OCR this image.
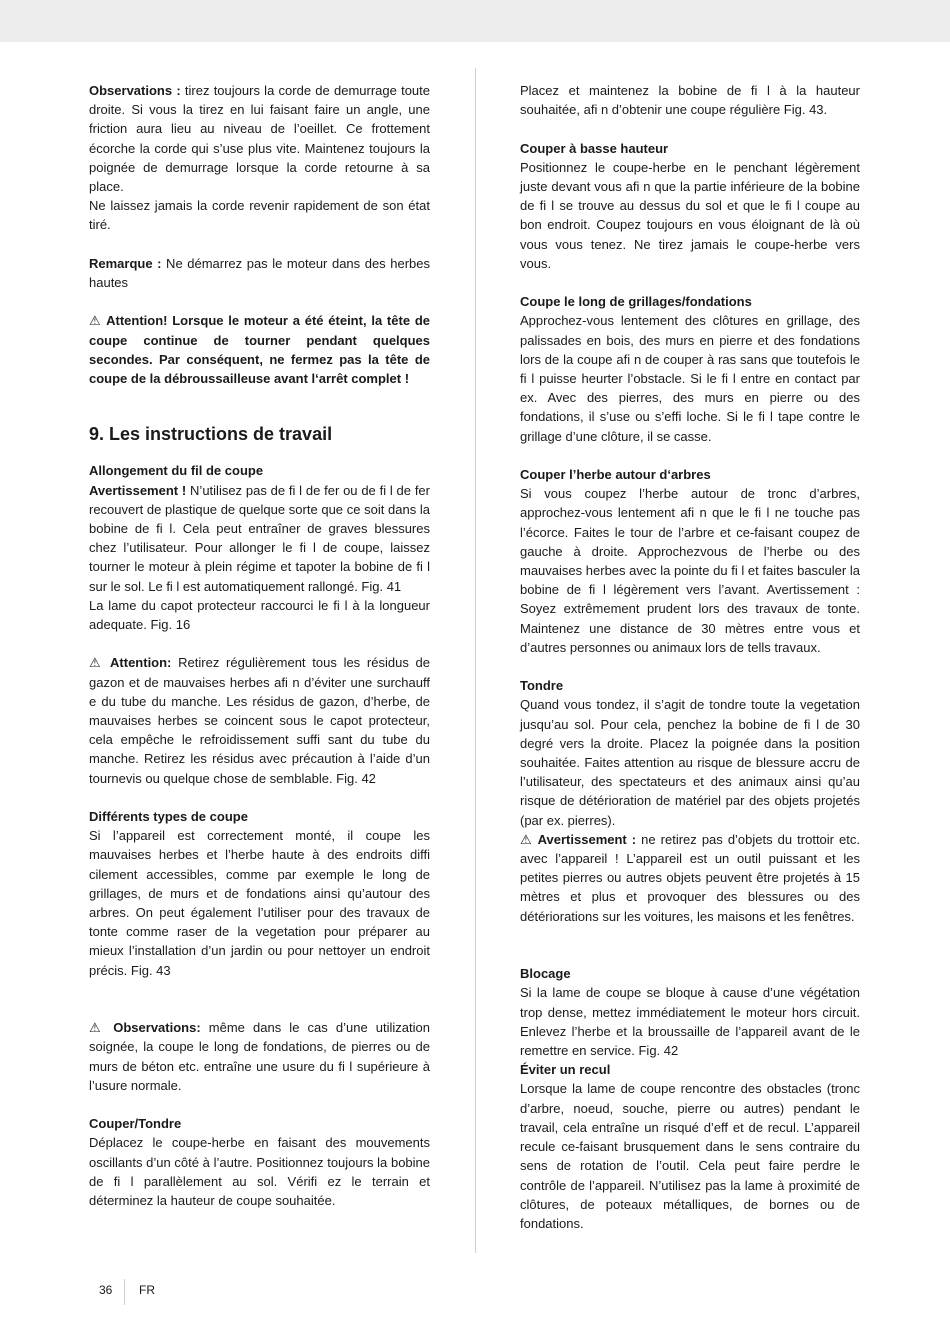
Observations : tirez toujours la corde de demurrage toute droite. Si vous la tirez en lui faisant faire un angle, une friction aura lieu au niveau de l’oeillet. Ce frottement écorche la corde qui s’use plus vite. Maintenez toujours la poignée de demurrage lorsque la corde retourne à sa place.

Ne laissez jamais la corde revenir rapidement de son état tiré.

Remarque : Ne démarrez pas le moteur dans des herbes hautes

⚠ Attention! Lorsque le moteur a été éteint, la tête de coupe continue de tourner pendant quelques secondes. Par conséquent, ne fermez pas la tête de coupe de la débroussailleuse avant l‘arrêt complet !

9. Les instructions de travail

Allongement du fil de coupe

Avertissement ! N’utilisez pas de fi l de fer ou de fi l de fer recouvert de plastique de quelque sorte que ce soit dans la bobine de fi l. Cela peut entraîner de graves blessures chez l’utilisateur. Pour allonger le fi l de coupe, laissez tourner le moteur à plein régime et tapoter la bobine de fi l sur le sol. Le fi l est automatiquement rallongé. Fig. 41

La lame du capot protecteur raccourci le fi l à la longueur adequate. Fig. 16

⚠ Attention: Retirez régulièrement tous les résidus de gazon et de mauvaises herbes afi n d’éviter une surchauff e du tube du manche. Les résidus de gazon, d’herbe, de mauvaises herbes se coincent sous le capot protecteur, cela empêche le refroidissement suffi sant du tube du manche. Retirez les résidus avec précaution à l’aide d’un tournevis ou quelque chose de semblable. Fig. 42

Différents types de coupe

Si l’appareil est correctement monté, il coupe les mauvaises herbes et l’herbe haute à des endroits diffi cilement accessibles, comme par exemple le long de grillages, de murs et de fondations ainsi qu’autour des arbres. On peut également l’utiliser pour des travaux de tonte comme raser de la vegetation pour préparer au mieux l’installation d’un jardin ou pour nettoyer un endroit précis. Fig. 43

⚠ Observations: même dans le cas d’une utilization soignée, la coupe le long de fondations, de pierres ou de murs de béton etc. entraîne une usure du fi l supérieure à l’usure normale.

Couper/Tondre

Déplacez le coupe-herbe en faisant des mouvements oscillants d’un côté à l’autre. Positionnez toujours la bobine de fi l parallèlement au sol. Vérifi ez le terrain et déterminez la hauteur de coupe souhaitée.

Placez et maintenez la bobine de fi l à la hauteur souhaitée, afi n d’obtenir une coupe régulière Fig. 43.

Couper à basse hauteur

Positionnez le coupe-herbe en le penchant légèrement juste devant vous afi n que la partie inférieure de la bobine de fi l se trouve au dessus du sol et que le fi l coupe au bon endroit. Coupez toujours en vous éloignant de là où vous vous tenez. Ne tirez jamais le coupe-herbe vers vous.

Coupe le long de grillages/fondations

Approchez-vous lentement des clôtures en grillage, des palissades en bois, des murs en pierre et des fondations lors de la coupe afi n de couper à ras sans que toutefois le fi l puisse heurter l’obstacle. Si le fi l entre en contact par ex. Avec des pierres, des murs en pierre ou des fondations, il s’use ou s’effi loche. Si le fi l tape contre le grillage d’une clôture, il se casse.

Couper l’herbe autour d‘arbres

Si vous coupez l’herbe autour de tronc d’arbres, approchez-vous lentement afi n que le fi l ne touche pas l’écorce. Faites le tour de l’arbre et ce-faisant coupez de gauche à droite. Approchezvous de l’herbe ou des mauvaises herbes avec la pointe du fi l et faites basculer la bobine de fi l légèrement vers l’avant. Avertissement : Soyez extrêmement prudent lors des travaux de tonte. Maintenez une distance de 30 mètres entre vous et d’autres personnes ou animaux lors de tells travaux.

Tondre

Quand vous tondez, il s’agit de tondre toute la vegetation jusqu’au sol. Pour cela, penchez la bobine de fi l de 30 degré vers la droite. Placez la poignée dans la position souhaitée. Faites attention au risque de blessure accru de l’utilisateur, des spectateurs et des animaux ainsi qu’au risque de détérioration de matériel par des objets projetés (par ex. pierres).

⚠ Avertissement : ne retirez pas d’objets du trottoir etc. avec l’appareil ! L’appareil est un outil puissant et les petites pierres ou autres objets peuvent être projetés à 15 mètres et plus et provoquer des blessures ou des détériorations sur les voitures, les maisons et les fenêtres.

Blocage

Si la lame de coupe se bloque à cause d’une végétation trop dense, mettez immédiatement le moteur hors circuit. Enlevez l’herbe et la broussaille de l’appareil avant de le remettre en service. Fig. 42

Éviter un recul

Lorsque la lame de coupe rencontre des obstacles (tronc d’arbre, noeud, souche, pierre ou autres) pendant le travail, cela entraîne un risqué d’eff et de recul. L’appareil recule ce-faisant brusquement dans le sens contraire du sens de rotation de l’outil. Cela peut faire perdre le contrôle de l’appareil. N’utilisez pas la lame à proximité de clôtures, de poteaux métalliques, de bornes ou de fondations.

36 FR
